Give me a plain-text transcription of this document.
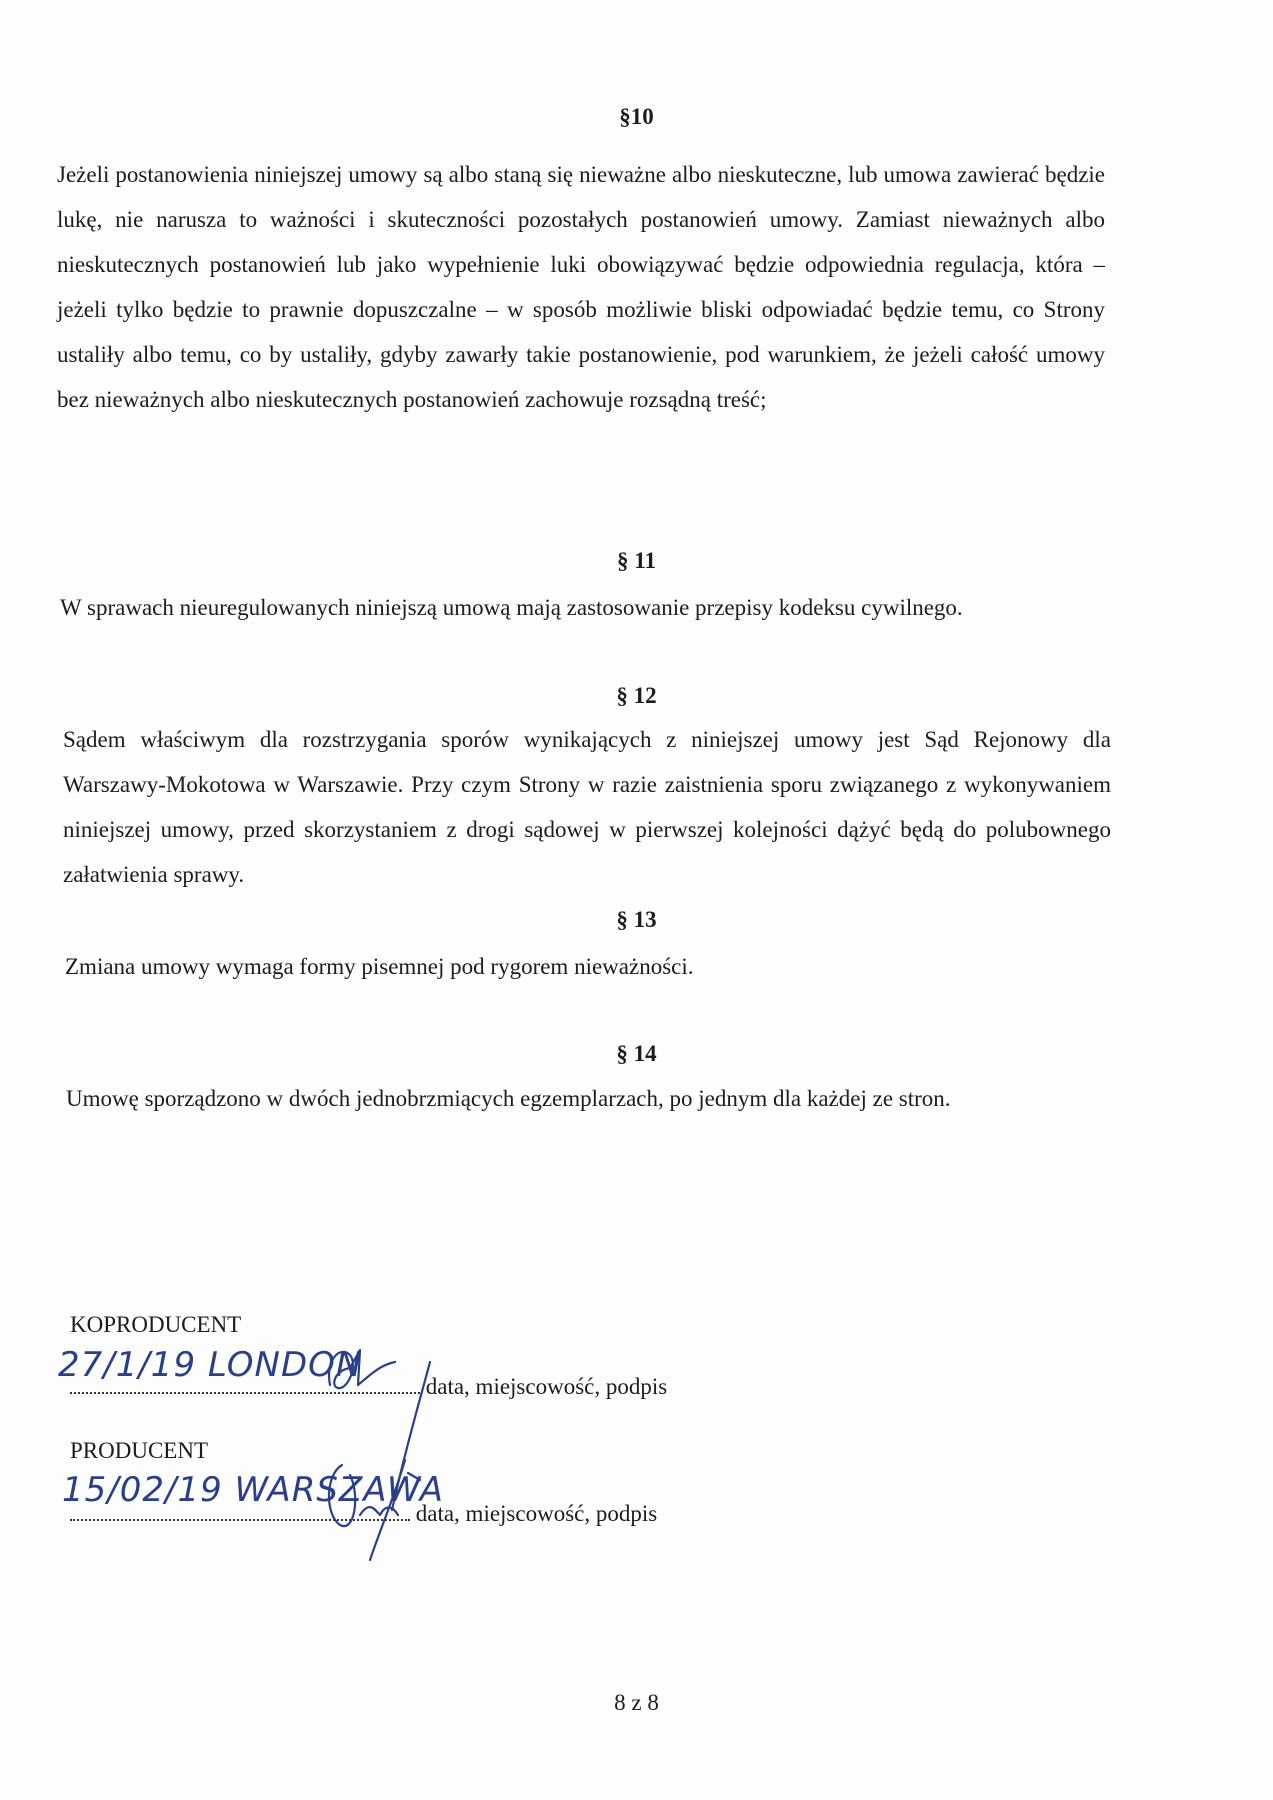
§10

Jeżeli postanowienia niniejszej umowy są albo staną się nieważne albo nieskuteczne, lub umowa zawierać będzie lukę, nie narusza to ważności i skuteczności pozostałych postanowień umowy. Zamiast nieważnych albo nieskutecznych postanowień lub jako wypełnienie luki obowiązywać będzie odpowiednia regulacja, która – jeżeli tylko będzie to prawnie dopuszczalne – w sposób możliwie bliski odpowiadać będzie temu, co Strony ustaliły albo temu, co by ustaliły, gdyby zawarły takie postanowienie, pod warunkiem, że jeżeli całość umowy bez nieważnych albo nieskutecznych postanowień zachowuje rozsądną treść;

§ 11

W sprawach nieuregulowanych niniejszą umową mają zastosowanie przepisy kodeksu cywilnego.

§ 12

Sądem właściwym dla rozstrzygania sporów wynikających z niniejszej umowy jest Sąd Rejonowy dla Warszawy-Mokotowa w Warszawie. Przy czym Strony w razie zaistnienia sporu związanego z wykonywaniem niniejszej umowy, przed skorzystaniem z drogi sądowej w pierwszej kolejności dążyć będą do polubownego załatwienia sprawy.

§ 13

Zmiana umowy wymaga formy pisemnej pod rygorem nieważności.

§ 14

Umowę sporządzono w dwóch jednobrzmiących egzemplarzach, po jednym dla każdej ze stron.

KOPRODUCENT
data, miejscowość, podpis
27/1/19 LONDON
PRODUCENT
data, miejscowość, podpis
15/02/19 WARSZAWA
8 z 8
